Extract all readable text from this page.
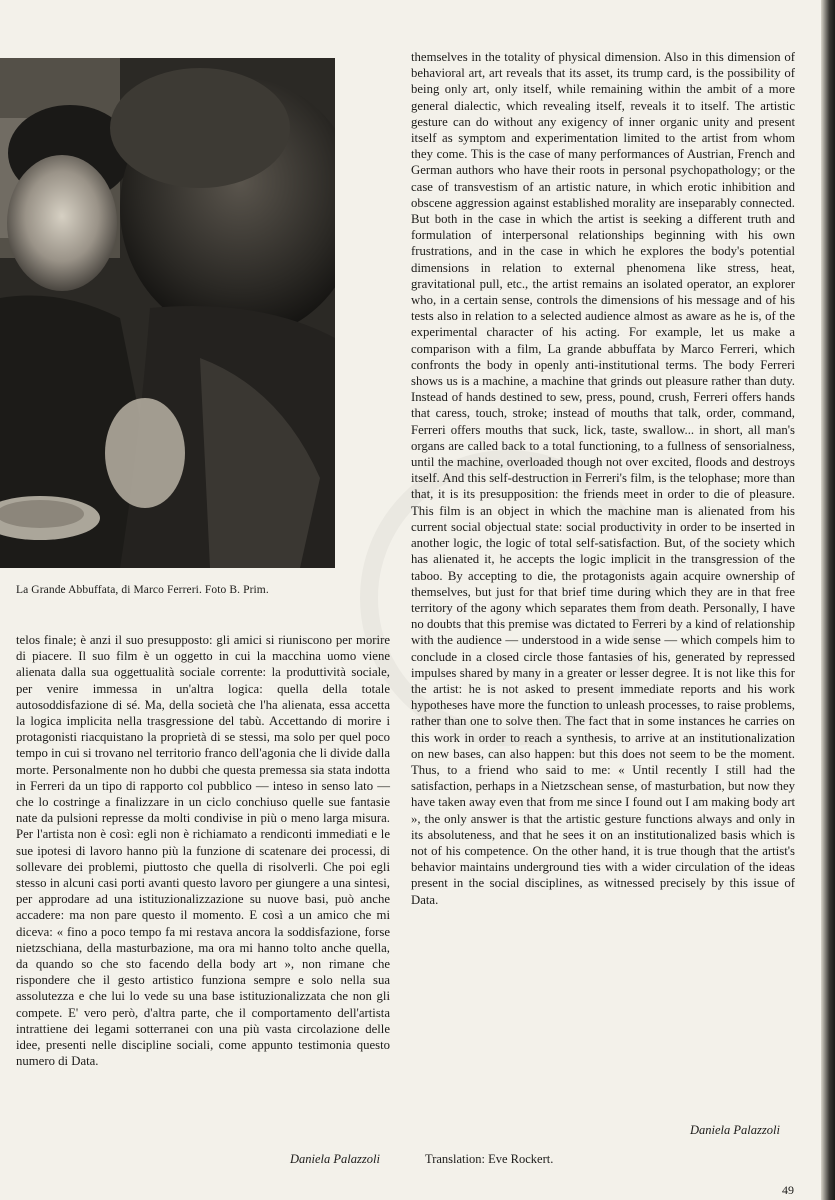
La Grande Abbuffata, di Marco Ferreri. Foto B. Prim.

telos finale; è anzi il suo presupposto: gli amici si riuniscono per morire di piacere. Il suo film è un oggetto in cui la macchina uomo viene alienata dalla sua oggettualità sociale corrente: la produttività sociale, per venire immessa in un'altra logica: quella della totale autosoddisfazione di sé. Ma, della società che l'ha alienata, essa accetta la logica implicita nella trasgressione del tabù. Accettando di morire i protagonisti riacquistano la proprietà di se stessi, ma solo per quel poco tempo in cui si trovano nel territorio franco dell'agonia che li divide dalla morte. Personalmente non ho dubbi che questa premessa sia stata indotta in Ferreri da un tipo di rapporto col pubblico — inteso in senso lato — che lo costringe a finalizzare in un ciclo conchiuso quelle sue fantasie nate da pulsioni represse da molti condivise in più o meno larga misura. Per l'artista non è così: egli non è richiamato a rendiconti immediati e le sue ipotesi di lavoro hanno più la funzione di scatenare dei processi, di sollevare dei problemi, piuttosto che quella di risolverli. Che poi egli stesso in alcuni casi porti avanti questo lavoro per giungere a una sintesi, per approdare ad una istituzionalizzazione su nuove basi, può anche accadere: ma non pare questo il momento. E così a un amico che mi diceva: « fino a poco tempo fa mi restava ancora la soddisfazione, forse nietzschiana, della masturbazione, ma ora mi hanno tolto anche quella, da quando so che sto facendo della body art », non rimane che rispondere che il gesto artistico funziona sempre e solo nella sua assolutezza e che lui lo vede su una base istituzionalizzata che non gli compete. E' vero però, d'altra parte, che il comportamento dell'artista intrattiene dei legami sotterranei con una più vasta circolazione delle idee, presenti nelle discipline sociali, come appunto testimonia questo numero di Data.

themselves in the totality of physical dimension. Also in this dimension of behavioral art, art reveals that its asset, its trump card, is the possibility of being only art, only itself, while remaining within the ambit of a more general dialectic, which revealing itself, reveals it to itself. The artistic gesture can do without any exigency of inner organic unity and present itself as symptom and experimentation limited to the artist from whom they come. This is the case of many performances of Austrian, French and German authors who have their roots in personal psychopathology; or the case of transvestism of an artistic nature, in which erotic inhibition and obscene aggression against established morality are inseparably connected. But both in the case in which the artist is seeking a different truth and formulation of interpersonal relationships beginning with his own frustrations, and in the case in which he explores the body's potential dimensions in relation to external phenomena like stress, heat, gravitational pull, etc., the artist remains an isolated operator, an explorer who, in a certain sense, controls the dimensions of his message and of his tests also in relation to a selected audience almost as aware as he is, of the experimental character of his acting. For example, let us make a comparison with a film, La grande abbuffata by Marco Ferreri, which confronts the body in openly anti-institutional terms. The body Ferreri shows us is a machine, a machine that grinds out pleasure rather than duty. Instead of hands destined to sew, press, pound, crush, Ferreri offers hands that caress, touch, stroke; instead of mouths that talk, order, command, Ferreri offers mouths that suck, lick, taste, swallow... in short, all man's organs are called back to a total functioning, to a fullness of sensorialness, until the machine, overloaded though not over excited, floods and destroys itself. And this self-destruction in Ferreri's film, is the telophase; more than that, it is its presupposition: the friends meet in order to die of pleasure. This film is an object in which the machine man is alienated from his current social objectual state: social productivity in order to be inserted in another logic, the logic of total self-satisfaction. But, of the society which has alienated it, he accepts the logic implicit in the transgression of the taboo. By accepting to die, the protagonists again acquire ownership of themselves, but just for that brief time during which they are in that free territory of the agony which separates them from death. Personally, I have no doubts that this premise was dictated to Ferreri by a kind of relationship with the audience — understood in a wide sense — which compels him to conclude in a closed circle those fantasies of his, generated by repressed impulses shared by many in a greater or lesser degree. It is not like this for the artist: he is not asked to present immediate reports and his work hypotheses have more the function to unleash processes, to raise problems, rather than one to solve then. The fact that in some instances he carries on this work in order to reach a synthesis, to arrive at an institutionalization on new bases, can also happen: but this does not seem to be the moment. Thus, to a friend who said to me: « Until recently I still had the satisfaction, perhaps in a Nietzschean sense, of masturbation, but now they have taken away even that from me since I found out I am making body art », the only answer is that the artistic gesture functions always and only in its absoluteness, and that he sees it on an institutionalized basis which is not of his competence. On the other hand, it is true though that the artist's behavior maintains underground ties with a wider circulation of the ideas present in the social disciplines, as witnessed precisely by this issue of Data.

Daniela Palazzoli
Daniela Palazzoli	Translation: Eve Rockert.
49
